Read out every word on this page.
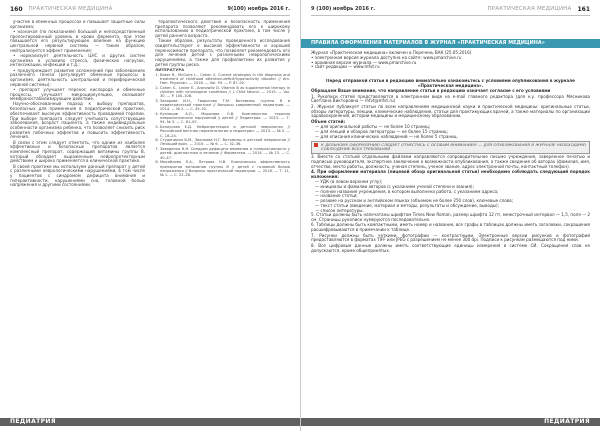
160 ПРАКТИЧЕСКАЯ МЕДИЦИНА	9(100) ноябрь 2016 г.

участие в обменных процессах и повышает защитные силы организма;

• назначая (по показаниям) большой и непосредственный пролонгированный уровень в крови фермента, при этом повышается его результирующее влияние на функцию центральной нервной системы — таким образом, нейтрализуется эффект применения;

• нормализует деятельность ЦНС и других систем организма в условиях стресса, физических нагрузок, интоксикации, инфекций и т.д.;

• предупреждает развитие осложнений при заболеваниях различного генеза (регулирует обменные процессы в организме, деятельность центральной и периферической нервной системы);

• препарат улучшает перенос кислорода и обменные процессы, улучшает микроциркуляцию, оказывает мембраностабилизирующее действие.

Научно-обоснованный подход к выбору препаратов, безопасных для применения в педиатрической практике, обеспечивает высокую эффективность проводимой терапии. При выборе препарата следует учитывать сопутствующие заболевания, возраст пациента, а также индивидуальные особенности организма ребенка, что позволяет снизить риск развития побочных эффектов и повысить эффективность лечения.

В связи с этим следует отметить, что одним из наиболее эффективных и безопасных препаратов является комплексный препарат, содержащий витамины группы В, который обладает выраженным нейропротекторным действием и широко применяется в клинической практике.

В своей практике мы используем данный препарат у детей с различными неврологическими нарушениями, в том числе у пациентов с синдромом дефицита внимания и гиперактивности, нарушениями сна, головной болью напряжения и другими состояниями.

терапевтического действия и безопасность применения препарата позволяют рекомендовать его к широкому использованию в педиатрической практике, в том числе у детей раннего возраста.

Таким образом, результаты проведенного исследования свидетельствуют о высокой эффективности и хорошей переносимости препарата, что позволяет рекомендовать его для лечения детей с различными неврологическими нарушениями, а также для профилактики их развития у детей группы риска.

ЛИТЕРАТУРА
1. Baker R., McGuire L., Cohen S. Current strategies in the diagnosis and treatment of childhood attention-deficit/hyperactivity disorder // Am. Fam. Physician. — 2016. — Vol. 93. — P. 87–92.
2. Cohen S., Lanier E., Aronowitz D. Vitamin B as supplemental therapy in children with neurological conditions // J. Child Neurol. — 2015. — Vol. 30. — P. 100–108.
3. Захарова И.Н., Творогова Т.М. Витамины группы В в педиатрической практике // Вопросы современной педиатрии. — 2014. — № 2. — С. 45–52.
4. Кузнецов А.Л., Морозова О.В. Комплексная терапия неврологических нарушений у детей // Педиатрия. — 2015. — Т. 94, № 3. — С. 61–67.
5. Белоусова Е.Д. Нейропротекция в детской неврологии // Российский вестник перинатологии и педиатрии. — 2013. — № 5. — С. 18–24.
6. Студеникин В.М., Звонкова Н.Г. Витамины в детской неврологии // Лечащий врач. — 2015. — № 6. — С. 32–36.
7. Заваденко Н.Н. Синдром дефицита внимания и гиперактивности у детей: диагностика и лечение // Фарматека. — 2014. — № 13. — С. 40–47.
8. Михайлова Л.А., Петрова Н.В. Клиническая эффективность препаратов витаминов группы В у детей с головной болью напряжения // Вопросы практической педиатрии. — 2016. — Т. 11, № 1. — С. 22–28.
ПЕДИАТРИЯ
9 (100) ноябрь 2016 г.	ПРАКТИЧЕСКАЯ МЕДИЦИНА 161
ПРАВИЛА ОФОРМЛЕНИЯ МАТЕРИАЛОВ В ЖУРНАЛ «ПРАКТИЧЕСКАЯ МЕДИЦИНА»

Журнал «Практическая медицина» включен в Перечень ВАК (25.05.2016)

• электронная версия журнала доступна на сайте: www.pmarchive.ru

• архивная версия журнала — www.pmarchive.ru

• сайт редакции — www.mfvt.ru

Перед отправкой статьи в редакцию внимательно ознакомьтесь с условиями опубликования в журнале «Практическая медицина».

Обращаем Ваше внимание, что направление статьи в редакцию означает согласие с его условиями

1. Рукописи статей представляются в электронном виде на e-mail главного редактора (для н.у. профессора Мясникова Светлана Викторовна — mfvt@mfvt.ru)

2. Журнал публикует статьи по всем направлениям медицинской науки и практической медицины: оригинальные статьи, обзоры литературы, лекции, клинические наблюдения, статьи для практикующих врачей, а также материалы по организации здравоохранения, истории медицины и медицинскому образованию.

Объем статей:

— для оригинальной работы — не более 10 страниц;

— для лекций и обзоров литературы — не более 15 страниц;

— для описания клинических наблюдений — не более 5 страниц.

К ДЕЛЬНОМУ ОФОРМЛЕНИЮ СЛЕДУЕТ ОТНЕСТИСЬ С ОСОБЫМ ВНИМАНИЕМ — ДЛЯ ОПУБЛИКОВАНИЯ В ЖУРНАЛЕ НЕОБХОДИМО СОБЛЮДЕНИЕ ВСЕХ ТРЕБОВАНИЙ

3. Вместе со статьей отдельными файлами направляются сопроводительное письмо учреждения, заверенное печатью и подписью руководителя, экспертное заключение о возможности опубликования, а также сведения об авторах (фамилия, имя, отчество, место работы, должность, ученая степень, ученое звание, адрес электронной почты, контактный телефон).

4. При оформлении материала (лицевой обзор оригинальной статьи) необходимо соблюдать следующий порядок изложения:

— УДК (в левом верхнем углу);

— инициалы и фамилии авторов (с указанием ученой степени и звания);

— полное название учреждения, в котором выполнена работа, с указанием адреса;

— название статьи;

— резюме на русском и английском языках (объемом не более 250 слов), ключевые слова;

— текст статьи (введение, материал и методы, результаты и обсуждение, выводы);

— список литературы.

5. Статьи должны быть напечатаны шрифтом Times New Roman, размер шрифта 12 пт, межстрочный интервал — 1,5, поля — 2 см. Страницы рукописи нумеруются последовательно.

6. Таблицы должны быть компактными, иметь номер и название, все графы в таблицах должны иметь заголовки, сокращения расшифровываются в примечании к таблице.

7. Рисунки должны быть четкими, фотографии — контрастными. Электронные версии рисунков и фотографий предоставляются в форматах TIFF или JPEG с разрешением не менее 300 dpi. Подписи к рисункам размещаются под ними.

8. Все цифровые данные должны иметь соответствующие единицы измерения в системе СИ. Сокращения слов не допускаются, кроме общепринятых.

ПЕДИАТРИЯ
